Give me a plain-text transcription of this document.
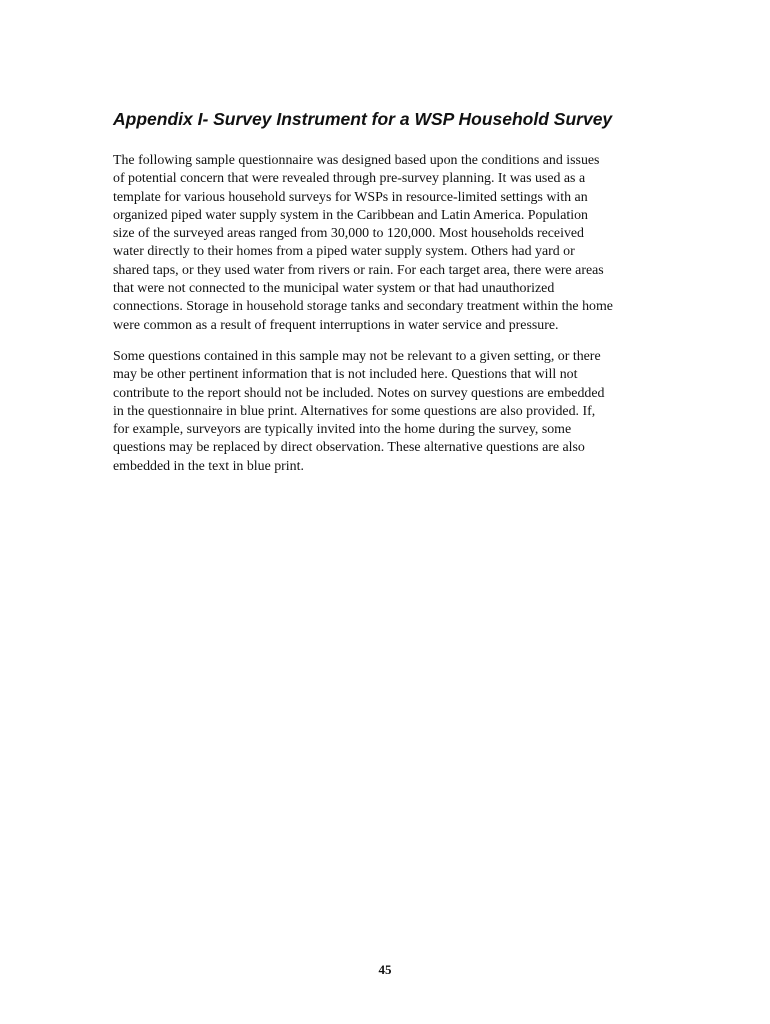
Appendix I- Survey Instrument for a WSP Household Survey

The following sample questionnaire was designed based upon the conditions and issues
of potential concern that were revealed through pre-survey planning. It was used as a
template for various household surveys for WSPs in resource-limited settings with an
organized piped water supply system in the Caribbean and Latin America. Population
size of the surveyed areas ranged from 30,000 to 120,000. Most households received
water directly to their homes from a piped water supply system. Others had yard or
shared taps, or they used water from rivers or rain. For each target area, there were areas
that were not connected to the municipal water system or that had unauthorized
connections. Storage in household storage tanks and secondary treatment within the home
were common as a result of frequent interruptions in water service and pressure.

Some questions contained in this sample may not be relevant to a given setting, or there
may be other pertinent information that is not included here. Questions that will not
contribute to the report should not be included. Notes on survey questions are embedded
in the questionnaire in blue print. Alternatives for some questions are also provided. If,
for example, surveyors are typically invited into the home during the survey, some
questions may be replaced by direct observation. These alternative questions are also
embedded in the text in blue print.

45
